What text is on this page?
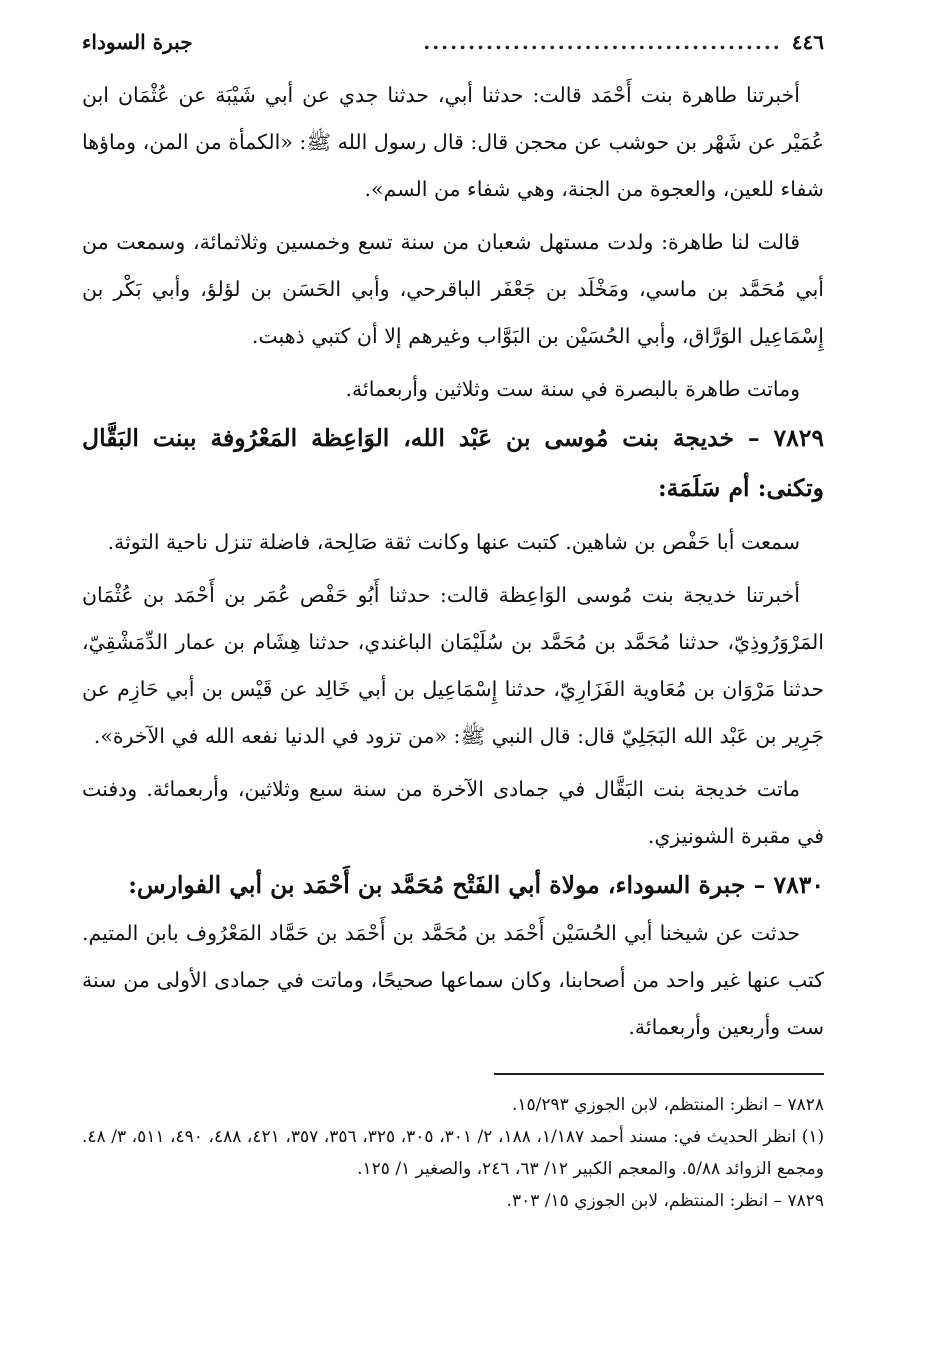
٤٤٦
........................................
جبرة السوداء

أخبرتنا طاهرة بنت أَحْمَد قالت: حدثنا أبي، حدثنا جدي عن أبي شَيْبَة عن عُثْمَان ابن عُمَيْر عن شَهْر بن حوشب عن محجن قال: قال رسول الله ﷺ: «الكمأة من المن، وماؤها شفاء للعين، والعجوة من الجنة، وهي شفاء من السم».

قالت لنا طاهرة: ولدت مستهل شعبان من سنة تسع وخمسين وثلاثمائة، وسمعت من أبي مُحَمَّد بن ماسي، ومَخْلَد بن جَعْفَر الباقرحي، وأبي الحَسَن بن لؤلؤ، وأبي بَكْر بن إِسْمَاعِيل الوَرَّاق، وأبي الحُسَيْن بن البَوَّاب وغيرهم إلا أن كتبي ذهبت.

وماتت طاهرة بالبصرة في سنة ست وثلاثين وأربعمائة.

٧٨٢٩ – خديجة بنت مُوسى بن عَبْد الله، الوَاعِظة المَعْرُوفة ببنت البَقَّال وتكنى: أم سَلَمَة:

سمعت أبا حَفْص بن شاهين. كتبت عنها وكانت ثقة صَالِحة، فاضلة تنزل ناحية التوثة.

أخبرتنا خديجة بنت مُوسى الوَاعِظة قالت: حدثنا أَبُو حَفْص عُمَر بن أَحْمَد بن عُثْمَان المَرْوَرُوذِيّ، حدثنا مُحَمَّد بن مُحَمَّد بن سُلَيْمَان الباغندي، حدثنا هِشَام بن عمار الدِّمَشْقِيّ، حدثنا مَرْوَان بن مُعَاوية الفَزَارِيّ، حدثنا إِسْمَاعِيل بن أبي خَالِد عن قَيْس بن أبي حَازِم عن جَرِير بن عَبْد الله البَجَلِيّ قال: قال النبي ﷺ: «من تزود في الدنيا نفعه الله في الآخرة».

ماتت خديجة بنت البَقَّال في جمادى الآخرة من سنة سبع وثلاثين، وأربعمائة. ودفنت في مقبرة الشونيزي.

٧٨٣٠ – جبرة السوداء، مولاة أبي الفَتْح مُحَمَّد بن أَحْمَد بن أبي الفوارس:

حدثت عن شيخنا أبي الحُسَيْن أَحْمَد بن مُحَمَّد بن أَحْمَد بن حَمَّاد المَعْرُوف بابن المتيم. كتب عنها غير واحد من أصحابنا، وكان سماعها صحيحًا، وماتت في جمادى الأولى من سنة ست وأربعين وأربعمائة.

٧٨٢٨ – انظر: المنتظم، لابن الجوزي ١٥/٢٩٣.

(١) انظر الحديث في: مسند أحمد ١/١٨٧، ١٨٨، ٢/ ٣٠١، ٣٠٥، ٣٢٥، ٣٥٦، ٣٥٧، ٤٢١، ٤٨٨، ٤٩٠، ٥١١، ٣/ ٤٨. ومجمع الزوائد ٥/٨٨. والمعجم الكبير ١٢/ ٦٣، ٢٤٦، والصغير ١/ ١٢٥.

٧٨٢٩ – انظر: المنتظم، لابن الجوزي ١٥/ ٣٠٣.
